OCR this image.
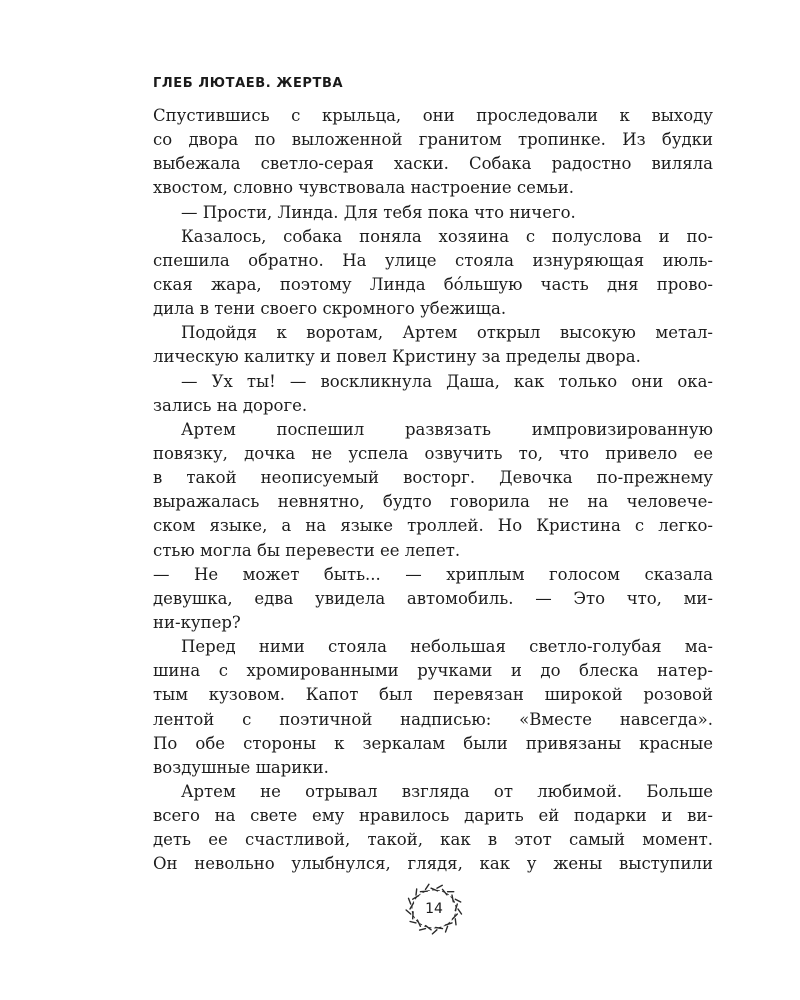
ГЛЕБ ЛЮТАЕВ. ЖЕРТВА
Спустившись с крыльца, они проследовали к выходу
со двора по выложенной гранитом тропинке. Из будки
выбежала светло-серая хаски. Собака радостно виляла
хвостом, словно чувствовала настроение семьи.
— Прости, Линда. Для тебя пока что ничего.
Казалось, собака поняла хозяина с полуслова и по-
спешила обратно. На улице стояла изнуряющая июль-
ская жара, поэтому Линда бóльшую часть дня прово-
дила в тени своего скромного убежища.
Подойдя к воротам, Артем открыл высокую метал-
лическую калитку и повел Кристину за пределы двора.
— Ух ты! — воскликнула Даша, как только они ока-
зались на дороге.
Артем поспешил развязать импровизированную
повязку, дочка не успела озвучить то, что привело ее
в такой неописуемый восторг. Девочка по-прежнему
выражалась невнятно, будто говорила не на человече-
ском языке, а на языке троллей. Но Кристина с легко-
стью могла бы перевести ее лепет.
— Не может быть... — хриплым голосом сказала
девушка, едва увидела автомобиль. — Это что, ми-
ни-купер?
Перед ними стояла небольшая светло-голубая ма-
шина с хромированными ручками и до блеска натер-
тым кузовом. Капот был перевязан широкой розовой
лентой с поэтичной надписью: «Вместе навсегда».
По обе стороны к зеркалам были привязаны красные
воздушные шарики.
Артем не отрывал взгляда от любимой. Больше
всего на свете ему нравилось дарить ей подарки и ви-
деть ее счастливой, такой, как в этот самый момент.
Он невольно улыбнулся, глядя, как у жены выступили
14
